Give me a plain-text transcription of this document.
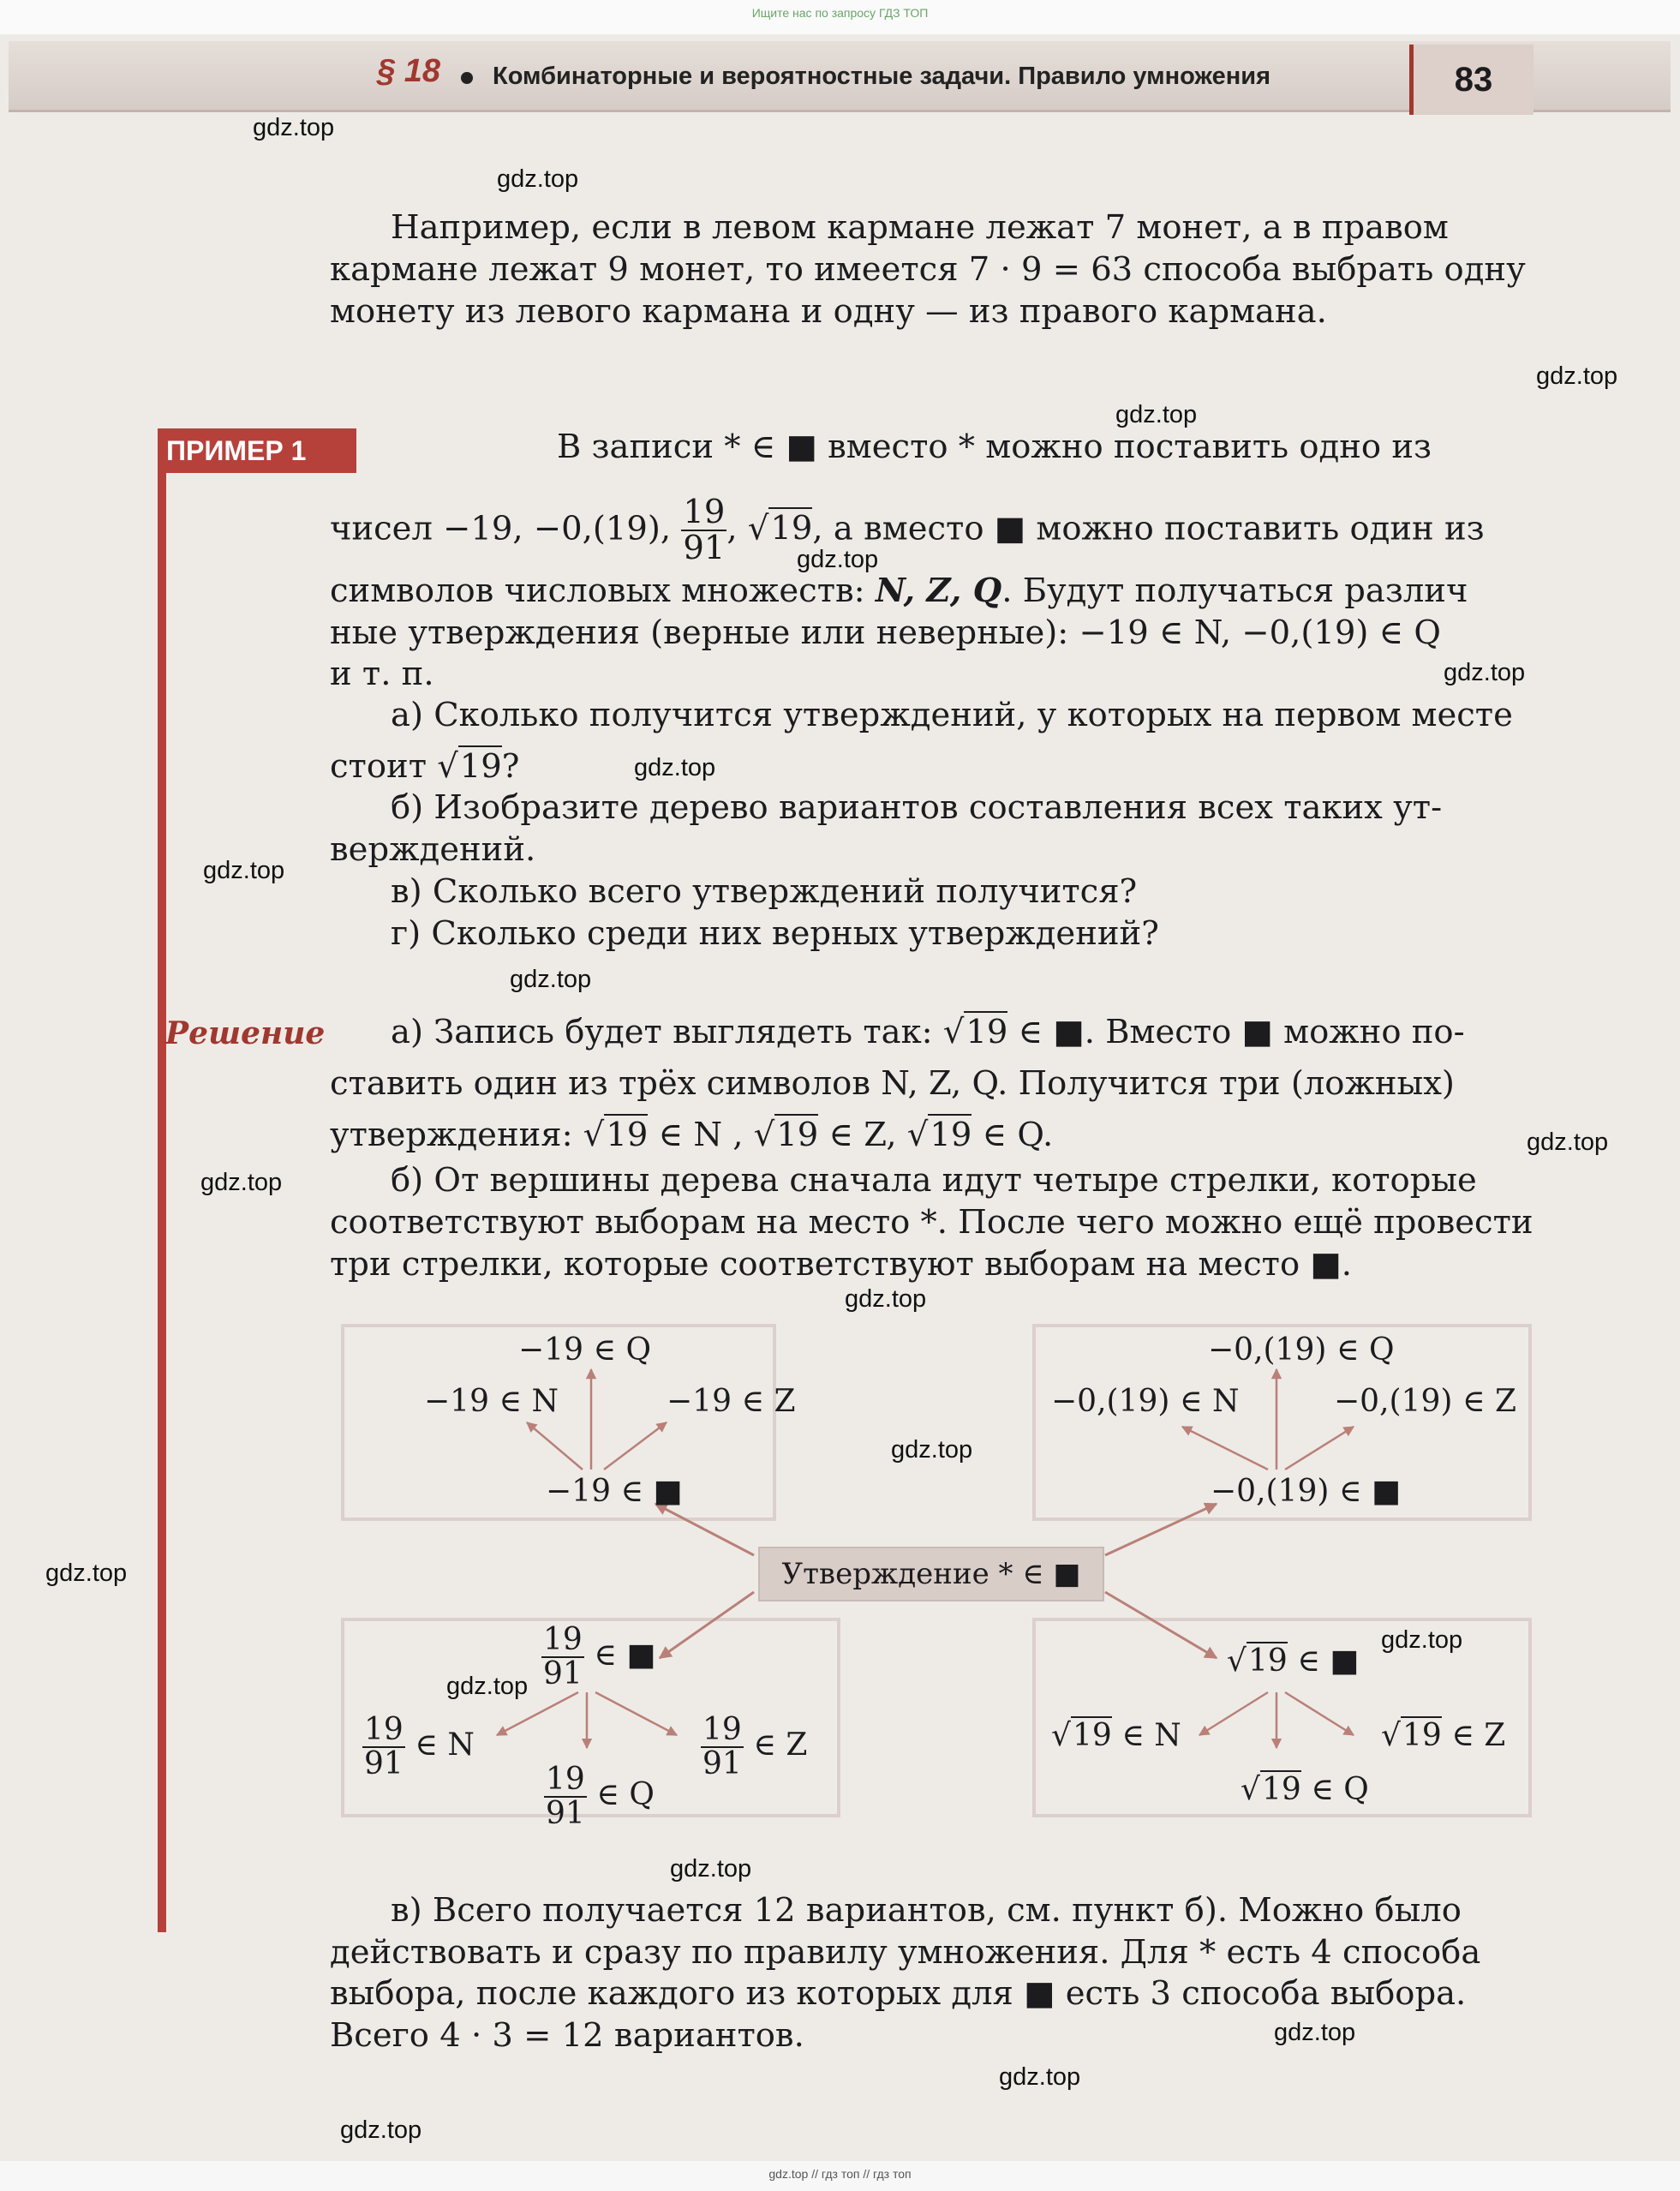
Ищите нас по запросу ГДЗ ТОП
gdz.top // гдз топ // гдз топ
§ 18 Комбинаторные и вероятностные задачи. Правило умножения	83
gdz.top
gdz.top
gdz.top
gdz.top
gdz.top
gdz.top
gdz.top
gdz.top
gdz.top
gdz.top
gdz.top
gdz.top
gdz.top
gdz.top
gdz.top
gdz.top
gdz.top
gdz.top
gdz.top
gdz.top
Например, если в левом кармане лежат 7 монет, а в правом
кармане лежат 9 монет, то имеется 7 · 9 = 63 способа выбрать одну
монету из левого кармана и одну — из правого кармана.
ПРИМЕР 1	В записи * ∈ ■ вместо * можно поставить одно из
чисел −19, −0,(19), $\frac{19}{91}$ , √19, а вместо ■ можно поставить один из
символов числовых множеств: N, Z, Q. Будут получаться различ
ные утверждения (верные или неверные): −19 ∈ N, −0,(19) ∈ Q
и т. п.
а) Сколько получится утверждений, у которых на первом месте
стоит √19?
б) Изобразите дерево вариантов составления всех таких ут-
верждений.
в) Сколько всего утверждений получится?
г) Сколько среди них верных утверждений?
Решение а) Запись будет выглядеть так: √19 ∈ ■. Вместо ■ можно по-
ставить один из трёх символов N, Z, Q. Получится три (ложных)
утверждения: √19 ∈ N , √19 ∈ Z, √19 ∈ Q.
б) От вершины дерева сначала идут четыре стрелки, которые
соответствуют выборам на место *. После чего можно ещё провести
три стрелки, которые соответствуют выборам на место ■.
Утверждение * ∈ ■
−19 ∈ Q
−19 ∈ N	−19 ∈ Z
−19 ∈ ■
−0,(19) ∈ Q
−0,(19) ∈ N	−0,(19) ∈ Z
−0,(19) ∈ ■
$\frac{19}{91}$ ∈ ■
$\frac{19}{91}$ ∈ N	$\frac{19}{91}$ ∈ Z
$\frac{19}{91}$ ∈ Q
√19 ∈ ■
√19 ∈ N	√19 ∈ Z
√19 ∈ Q
в) Всего получается 12 вариантов, см. пункт б). Можно было
действовать и сразу по правилу умножения. Для * есть 4 способа
выбора, после каждого из которых для ■ есть 3 способа выбора.
Всего 4 · 3 = 12 вариантов.
